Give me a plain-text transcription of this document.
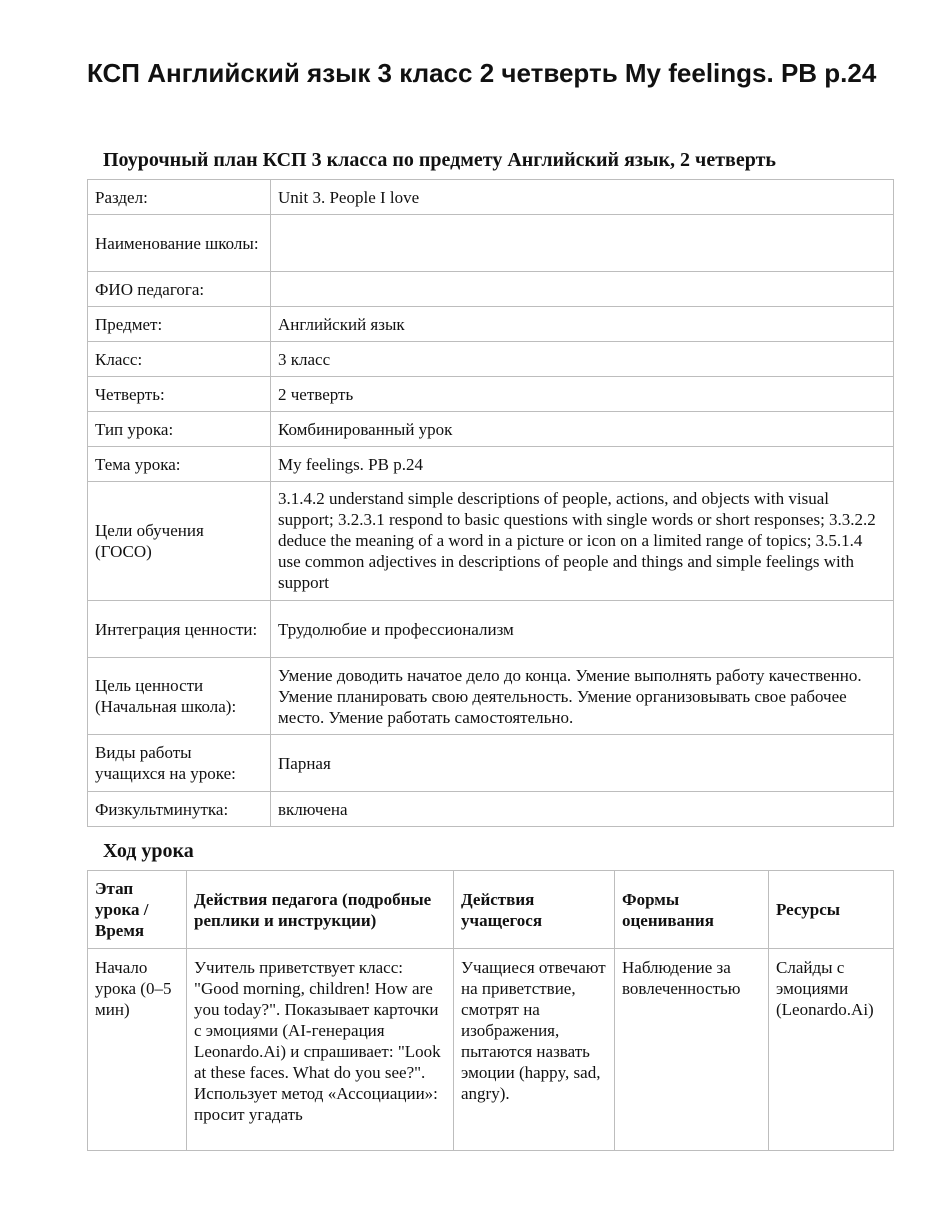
КСП Английский язык 3 класс 2 четверть My feelings. PB p.24
Поурочный план КСП 3 класса по предмету Английский язык, 2 четверть
Раздел:	Unit 3. People I love
Наименование школы:	
ФИО педагога:	
Предмет:	Английский язык
Класс:	3 класс
Четверть:	2 четверть
Тип урока:	Комбинированный урок
Тема урока:	My feelings. PB p.24
Цели обучения (ГОСО)	3.1.4.2 understand simple descriptions of people, actions, and objects with visual support; 3.2.3.1 respond to basic questions with single words or short responses; 3.3.2.2 deduce the meaning of a word in a picture or icon on a limited range of topics; 3.5.1.4 use common adjectives in descriptions of people and things and simple feelings with support
Интеграция ценности:	Трудолюбие и профессионализм
Цель ценности (Начальная школа):	Умение доводить начатое дело до конца. Умение выполнять работу качественно. Умение планировать свою деятельность. Умение организовывать свое рабочее место. Умение работать самостоятельно.
Виды работы учащихся на уроке:	Парная
Физкультминутка:	включена
Ход урока
Этап урока / Время	Действия педагога (подробные реплики и инструкции)	Действия учащегося	Формы оценивания	Ресурсы
Начало урока (0–5 мин)	Учитель приветствует класс: "Good morning, children! How are you today?". Показывает карточки с эмоциями (AI-генерация Leonardo.Ai) и спрашивает: "Look at these faces. What do you see?". Использует метод «Ассоциации»: просит угадать	Учащиеся отвечают на приветствие, смотрят на изображения, пытаются назвать эмоции (happy, sad, angry).	Наблюдение за вовлеченностью	Слайды с эмоциями (Leonardo.Ai)
